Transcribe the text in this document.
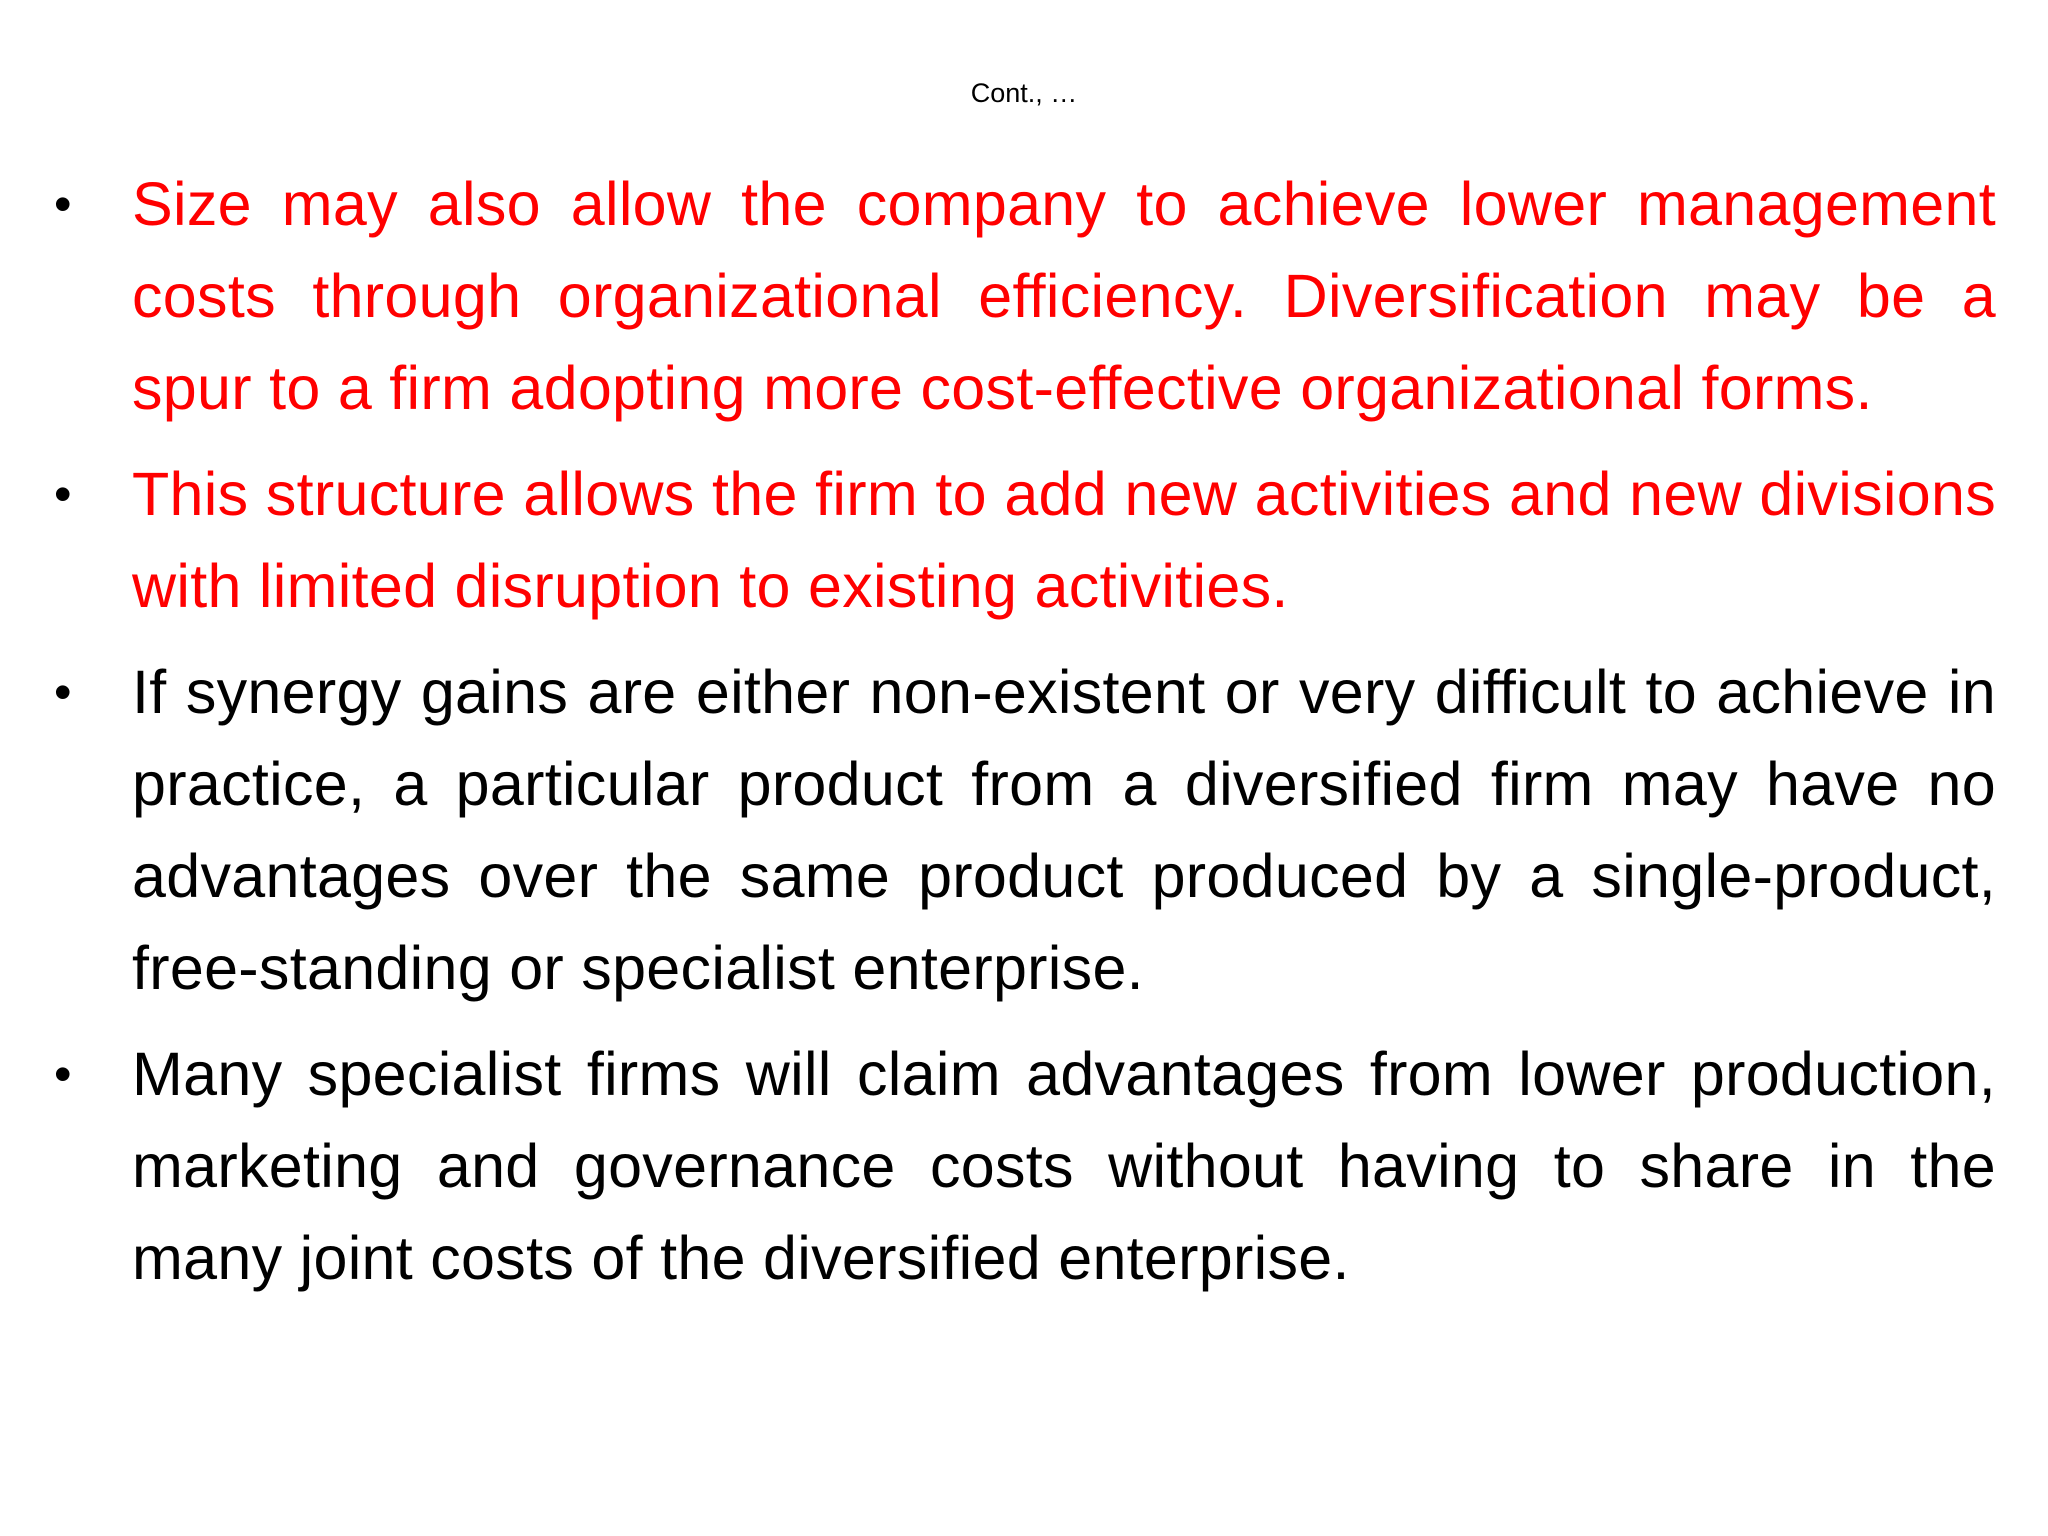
Cont., …
• Size may also allow the company to achieve lower management costs through organizational efficiency. Diversification may be a spur to a firm adopting more cost-effective organizational forms.
• This structure allows the firm to add new activities and new divisions with limited disruption to existing activities.
• If synergy gains are either non-existent or very difficult to achieve in practice, a particular product from a diversified firm may have no advantages over the same product produced by a single-product, free-standing or specialist enterprise.
• Many specialist firms will claim advantages from lower production, marketing and governance costs without having to share in the many joint costs of the diversified enterprise.
